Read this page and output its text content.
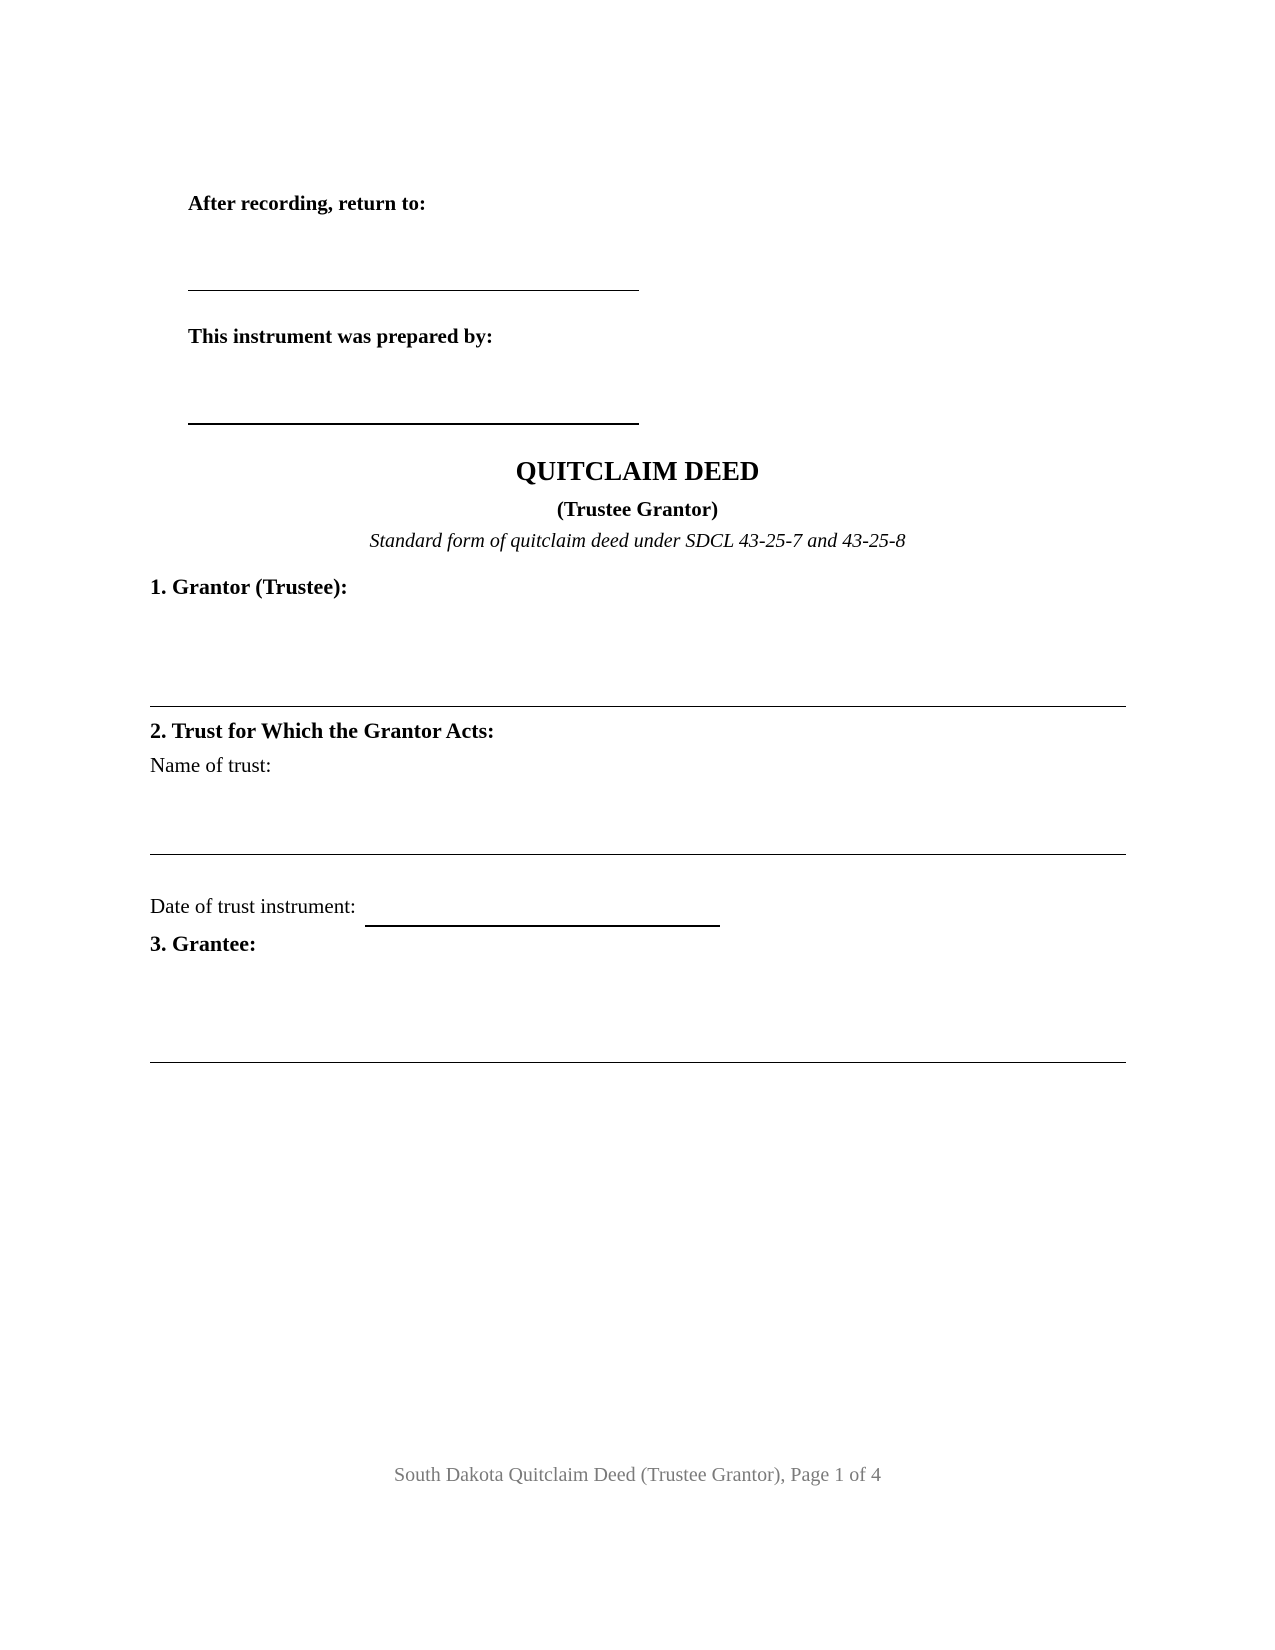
After recording, return to:
This instrument was prepared by:
QUITCLAIM DEED
(Trustee Grantor)
Standard form of quitclaim deed under SDCL 43-25-7 and 43-25-8
1. Grantor (Trustee):
2. Trust for Which the Grantor Acts:
Name of trust:
Date of trust instrument:
3. Grantee:
South Dakota Quitclaim Deed (Trustee Grantor), Page 1 of 4
